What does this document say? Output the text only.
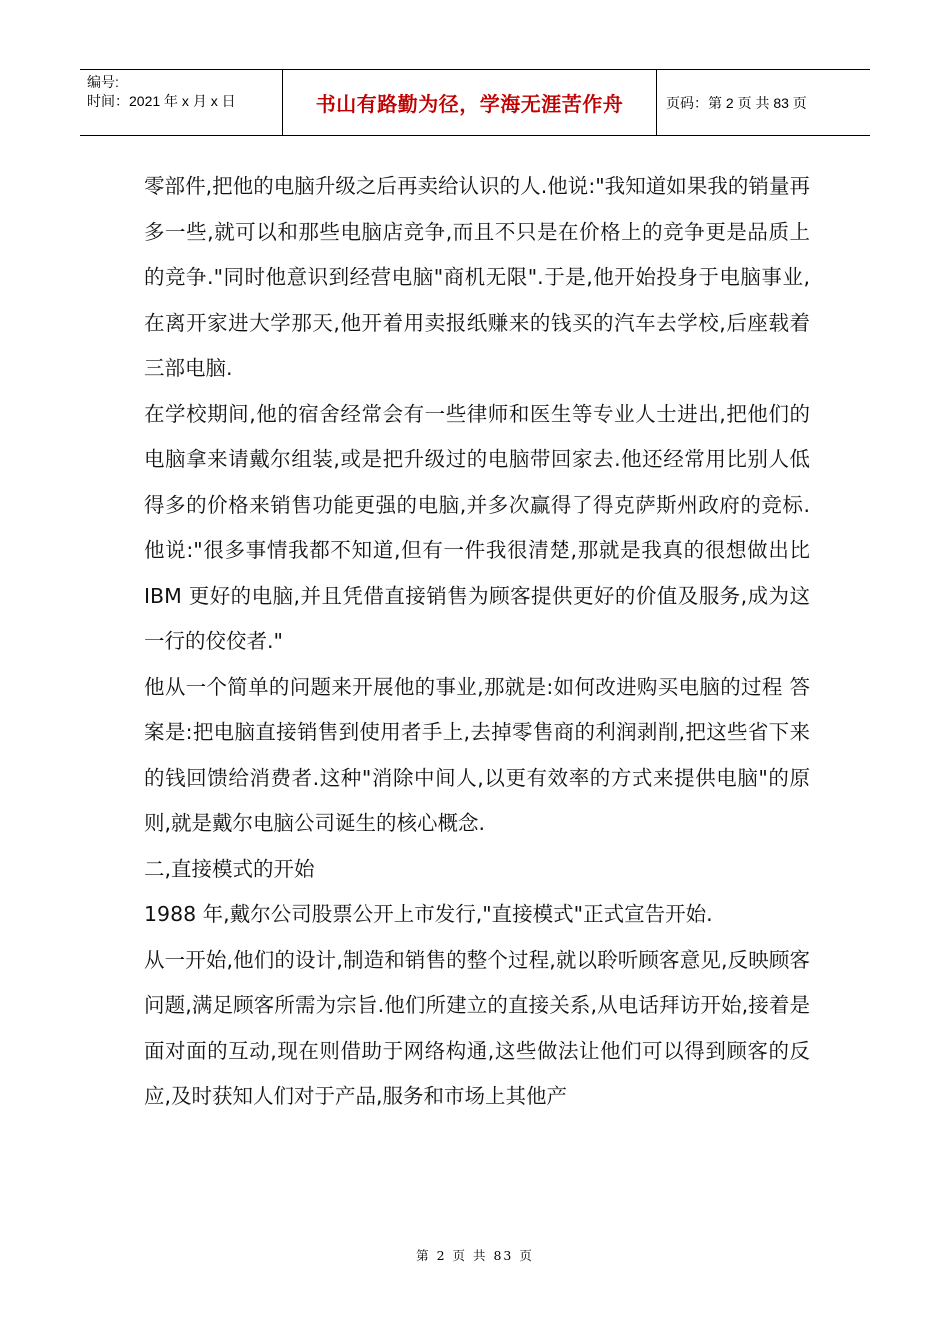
编号:
时间：2021 年 x 月 x 日	书山有路勤为径，学海无涯苦作舟	页码：第 2 页 共 83 页

零部件,把他的电脑升级之后再卖给认识的人.他说:"我知道如果我的销量再多一些,就可以和那些电脑店竞争,而且不只是在价格上的竞争更是品质上的竞争."同时他意识到经营电脑"商机无限".于是,他开始投身于电脑事业,在离开家进大学那天,他开着用卖报纸赚来的钱买的汽车去学校,后座载着三部电脑.

在学校期间,他的宿舍经常会有一些律师和医生等专业人士进出,把他们的电脑拿来请戴尔组装,或是把升级过的电脑带回家去.他还经常用比别人低得多的价格来销售功能更强的电脑,并多次赢得了得克萨斯州政府的竞标.他说:"很多事情我都不知道,但有一件我很清楚,那就是我真的很想做出比 IBM 更好的电脑,并且凭借直接销售为顾客提供更好的价值及服务,成为这一行的佼佼者."

他从一个简单的问题来开展他的事业,那就是:如何改进购买电脑的过程 答案是:把电脑直接销售到使用者手上,去掉零售商的利润剥削,把这些省下来的钱回馈给消费者.这种"消除中间人,以更有效率的方式来提供电脑"的原则,就是戴尔电脑公司诞生的核心概念.

二,直接模式的开始

1988 年,戴尔公司股票公开上市发行,"直接模式"正式宣告开始.

从一开始,他们的设计,制造和销售的整个过程,就以聆听顾客意见,反映顾客问题,满足顾客所需为宗旨.他们所建立的直接关系,从电话拜访开始,接着是面对面的互动,现在则借助于网络构通,这些做法让他们可以得到顾客的反应,及时获知人们对于产品,服务和市场上其他产

第 2 页 共 83 页
